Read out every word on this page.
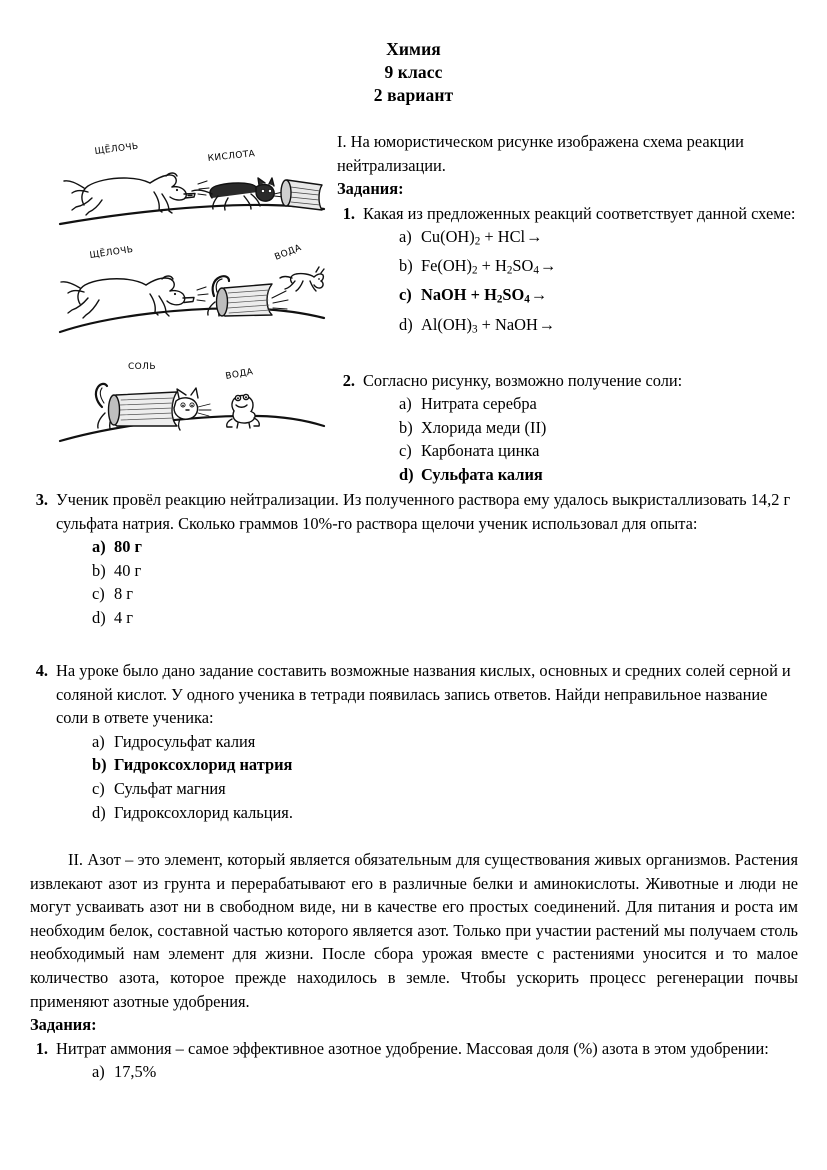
Химия
9 класс
2 вариант
ЩЁЛОЧЬ	КИСЛОТА
ЩЁЛОЧЬ	ВОДА
СОЛЬ
ВОДА

I. На юмористическом рисунке изображена схема реакции нейтрализации.

Задания:

1. Какая из предложенных реакций соответствует данной схеме:

a) $Cu(OH)_2 + HCl\to$
b) $Fe(OH)_2 + H_2SO_4\to$
c) NaOH + $H_2SO_4\to$
d) $Al(OH)_3$ + NaOH→
2. Согласно рисунку, возможно получение соли:

a) Нитрата серебра
b) Хлорида меди (II)
c) Карбоната цинка
d) Сульфата калия
3. Ученик провёл реакцию нейтрализации. Из полученного раствора ему удалось выкристаллизовать 14,2 г сульфата натрия. Сколько граммов 10%-го раствора щелочи ученик использовал для опыта:

a) 80 г
b) 40 г
c) 8 г
d) 4 г
4. На уроке было дано задание составить возможные названия кислых, основных и средних солей серной и соляной кислот. У одного ученика в тетради появилась запись ответов. Найди неправильное название соли в ответе ученика:

a) Гидросульфат калия
b) Гидроксохлорид натрия
c) Сульфат магния
d) Гидроксохлорид кальция.

II. Азот – это элемент, который является обязательным для существования живых организмов. Растения извлекают азот из грунта и перерабатывают его в различные белки и аминокислоты. Животные и люди не могут усваивать азот ни в свободном виде, ни в качестве его простых соединений. Для питания и роста им необходим белок, составной частью которого является азот. Только при участии растений мы получаем столь необходимый нам элемент для жизни. После сбора урожая вместе с растениями уносится и то малое количество азота, которое прежде находилось в земле. Чтобы ускорить процесс регенерации почвы применяют азотные удобрения.

Задания:

1. Нитрат аммония – самое эффективное азотное удобрение. Массовая доля (%) азота в этом удобрении:

a) 17,5%
